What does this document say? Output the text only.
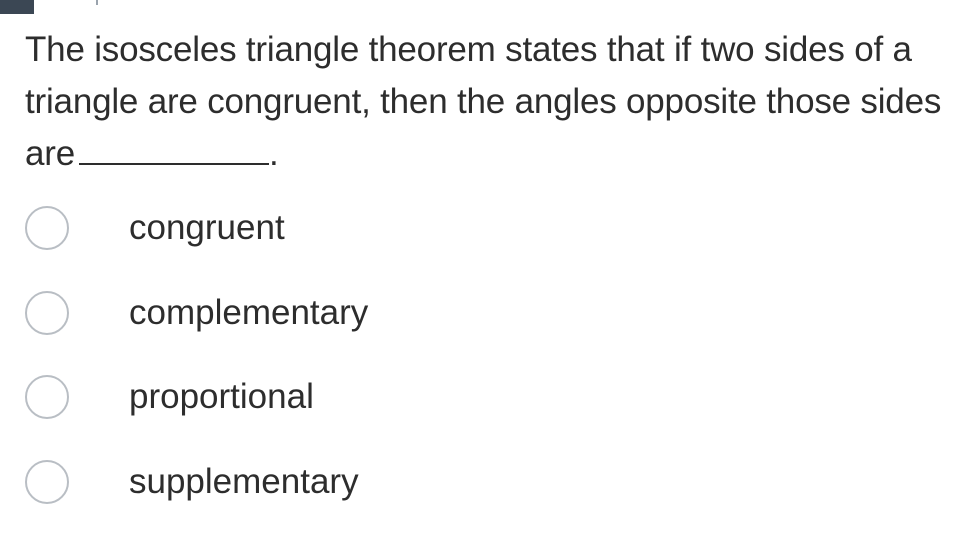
The isosceles triangle theorem states that if two sides of a triangle are congruent, then the angles opposite those sides are	.
congruent
complementary
proportional
supplementary
